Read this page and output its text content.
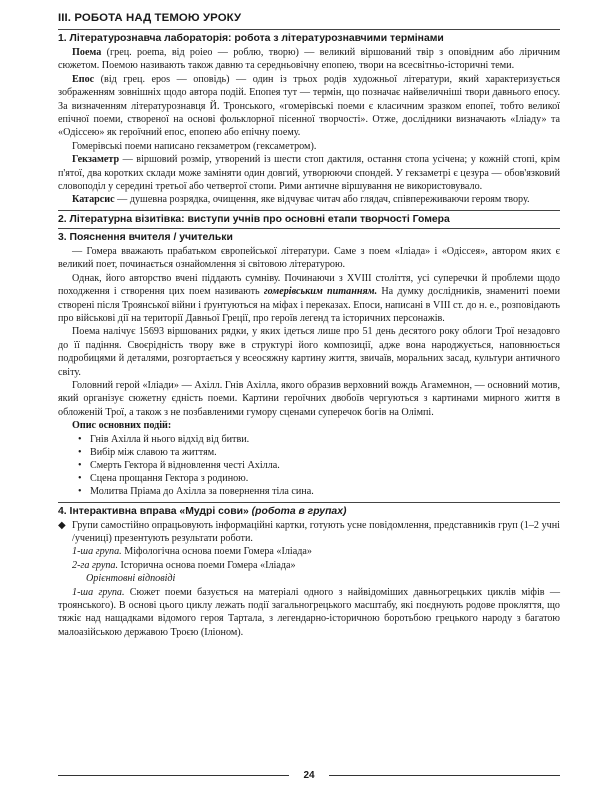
ІІІ. РОБОТА НАД ТЕМОЮ УРОКУ
1. Літературознавча лабораторія: робота з літературознавчими термінами

Поема (грец. poema, від poieo — роблю, творю) — великий віршований твір з оповідним або ліричним сюжетом. Поемою називають також давню та середньовічну епопею, твори на всесвітньо-історичні теми.

Епос (від грец. epos — оповідь) — один із трьох родів художньої літератури, який характеризується зображенням зовнішніх щодо автора подій. Епопея тут — термін, що позначає найвеличніші твори давнього епосу. За визначенням літературознавця Й. Тронського, «гомерівські поеми є класичним зразком епопеї, тобто великої епічної поеми, створеної на основі фольклорної пісенної творчості». Отже, дослідники визначають «Іліаду» та «Одіссею» як героїчний епос, епопею або епічну поему.

Гомерівські поеми написано гекзаметром (гексаметром).

Гекзаметр — віршовий розмір, утворений із шести стоп дактиля, остання стопа усічена; у кожній стопі, крім п'ятої, два коротких склади може заміняти один довгий, утворюючи спондей. У гекзаметрі є цезура — обов'язковий словоподіл у середині третьої або четвертої стопи. Рими античне віршування не використовувало.

Катарсис — душевна розрядка, очищення, яке відчуває читач або глядач, співпереживаючи героям твору.

2. Літературна візитівка: виступи учнів про основні етапи творчості Гомера
3. Пояснення вчителя / учительки

— Гомера вважають прабатьком європейської літератури. Саме з поем «Іліада» і «Одіссея», автором яких є великий поет, починається ознайомлення зі світовою літературою.

Однак, його авторство вчені піддають сумніву. Починаючи з XVIII століття, усі суперечки й проблеми щодо походження і створення цих поем називають гомерівським питанням. На думку дослідників, знамениті поеми створені після Троянської війни і ґрунтуються на міфах і переказах. Епоси, написані в VIII ст. до н. е., розповідають про військові дії на території Давньої Греції, про героїв легенд та історичних персонажів.

Поема налічує 15693 віршованих рядки, у яких ідеться лише про 51 день десятого року облоги Трої незадовго до її падіння. Своєрідність твору вже в структурі його композиції, адже вона народжується, наповнюється подробицями й деталями, розгортається у всеосяжну картину життя, звичаїв, моральних засад, культури античного світу.

Головний герой «Іліади» — Ахілл. Гнів Ахілла, якого образив верховний вождь Агамемнон, — основний мотив, який організує сюжетну єдність поеми. Картини героїчних двобоїв чергуються з картинами мирного життя в обложеній Трої, а також з не позбавленими гумору сценами суперечок богів на Олімпі.

Опис основних подій:
• Гнів Ахілла й нього відхід від битви.
• Вибір між славою та життям.
• Смерть Гектора й відновлення честі Ахілла.
• Сцена прощання Гектора з родиною.
• Молитва Пріама до Ахілла за повернення тіла сина.
4. Інтерактивна вправа «Мудрі сови» (робота в групах)
◆ Групи самостійно опрацьовують інформаційні картки, готують усне повідомлення, представників груп (1–2 учні /учениці) презентують результати роботи.
1-ша група. Міфологічна основа поеми Гомера «Іліада»
2-га група. Історична основа поеми Гомера «Іліада»
Орієнтовні відповіді

1-ша група. Сюжет поеми базується на матеріалі одного з найвідоміших давньогрецьких циклів міфів — троянського). В основі цього циклу лежать події загальногрецького масштабу, які поєднують родове прокляття, що тяжіє над нащадками відомого героя Тартала, з легендарно-історичною боротьбою грецького народу з багатою малоазійською державою Троєю (Іліоном).

24
